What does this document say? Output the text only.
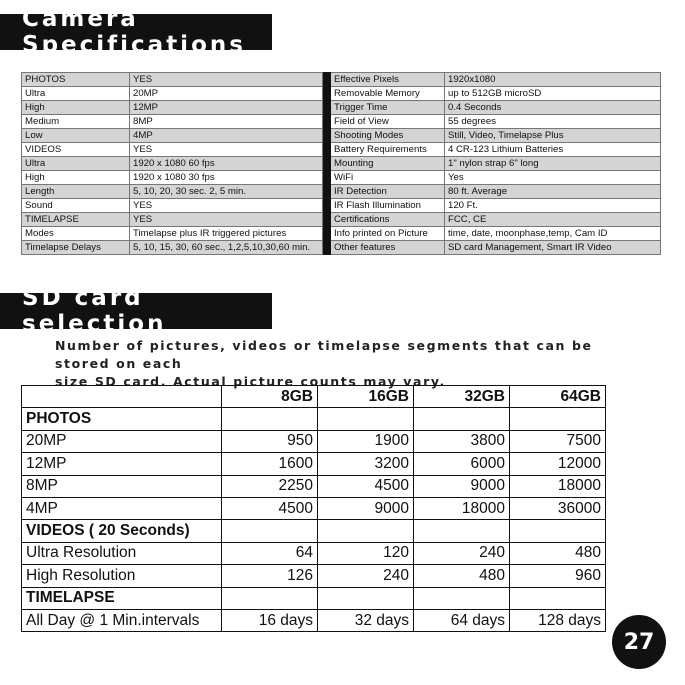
Camera Specifications
PHOTOS	YES		Effective Pixels	1920x1080
Ultra	20MP		Removable Memory	up to 512GB microSD
High	12MP		Trigger Time	0.4 Seconds
Medium	8MP		Field of View	55 degrees
Low	4MP		Shooting Modes	Still, Video, Timelapse Plus
VIDEOS	YES		Battery Requirements	4 CR-123 Lithium Batteries
Ultra	1920 x 1080 60 fps		Mounting	1" nylon strap 6" long
High	1920 x 1080 30 fps		WiFi	Yes
Length	5, 10, 20, 30 sec. 2, 5 min.		IR Detection	80 ft. Average
Sound	YES		IR Flash Illumination	120 Ft.
TIMELAPSE	YES		Certifications	FCC, CE
Modes	Timelapse plus IR triggered pictures		Info printed on Picture	time, date, moonphase,temp, Cam ID
Timelapse Delays	5, 10, 15, 30, 60 sec., 1,2,5,10,30,60 min.		Other features	SD card Management, Smart IR Video
SD card selection

Number of pictures, videos or timelapse segments that can be stored on each
size SD card. Actual picture counts may vary.

	8GB	16GB	32GB	64GB
PHOTOS				
20MP	950	1900	3800	7500
12MP	1600	3200	6000	12000
8MP	2250	4500	9000	18000
4MP	4500	9000	18000	36000
VIDEOS ( 20 Seconds)				
Ultra Resolution	64	120	240	480
High Resolution	126	240	480	960
TIMELAPSE				
All Day @ 1 Min.intervals	16 days	32 days	64 days	128 days
27
